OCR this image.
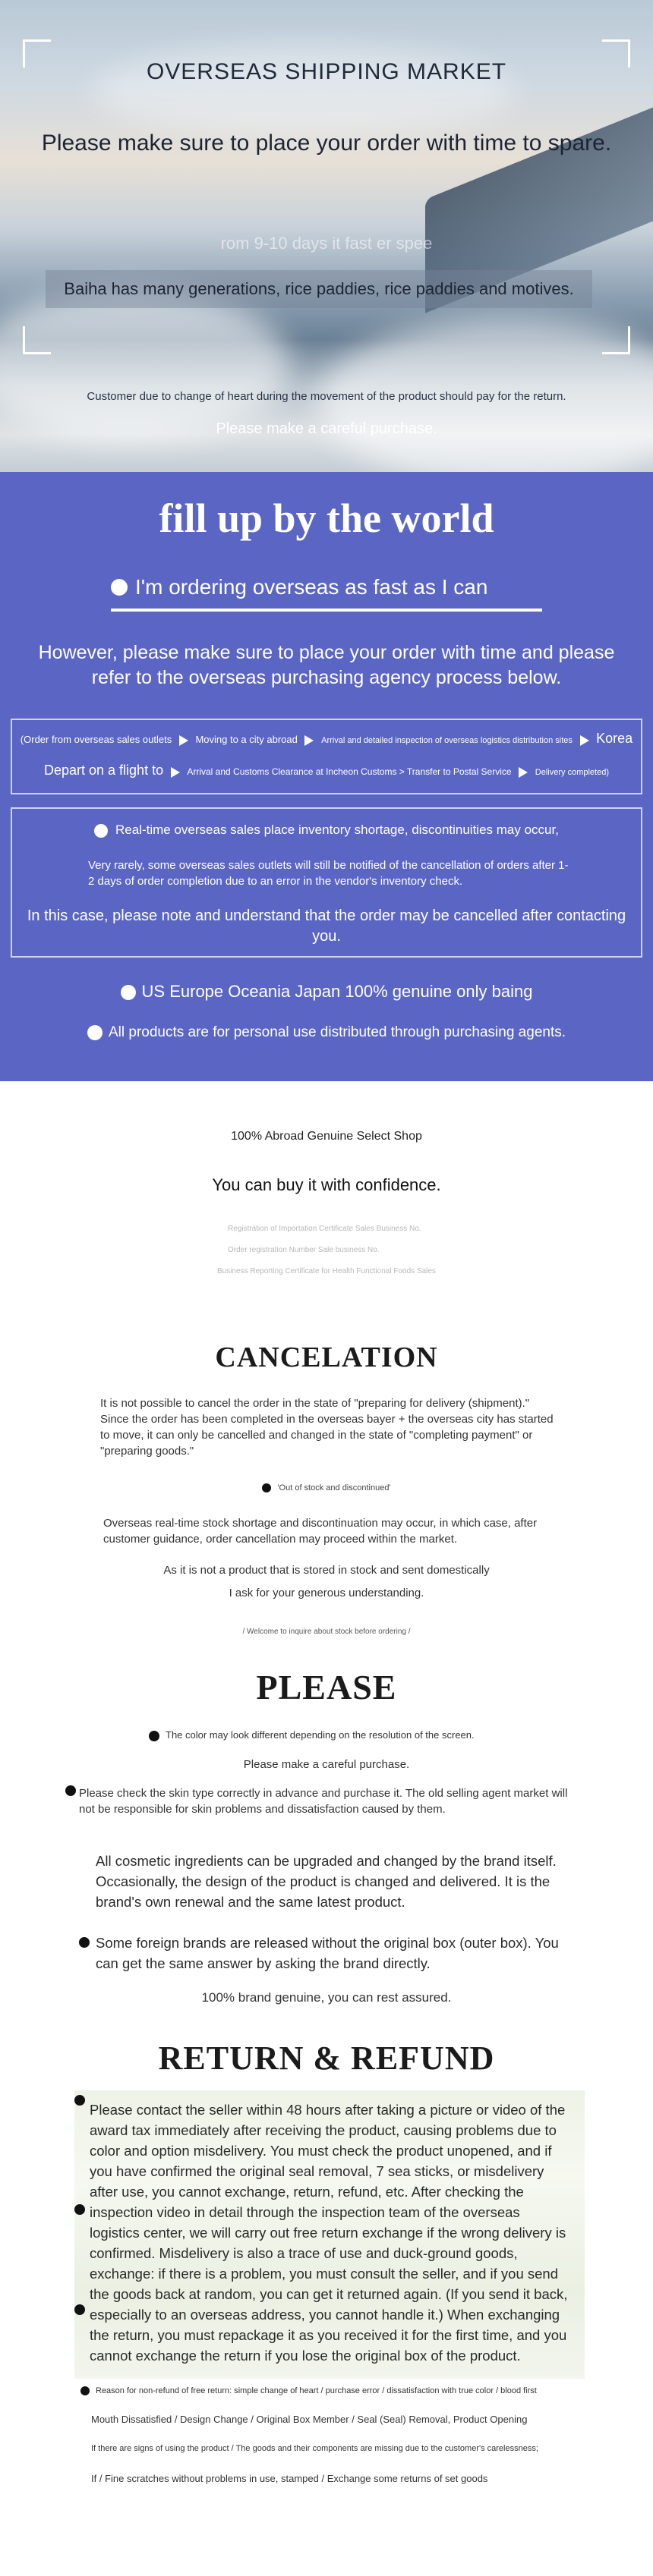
OVERSEAS SHIPPING MARKET
Please make sure to place your order with time to spare.
rom 9-10 days it fast er spee
Baiha has many generations, rice paddies, rice paddies and motives.
Customer due to change of heart during the movement of the product should pay for the return.
Please make a careful purchase.
fill up by the world
I'm ordering overseas as fast as I can
However, please make sure to place your order with time and please refer to the overseas purchasing agency process below.
(Order from overseas sales outlets Moving to a city abroad	Arrival and detailed inspection of overseas logistics distribution sites Korea
Depart on a flight to	Arrival and Customs Clearance at Incheon Customs > Transfer to Postal Service	Delivery completed)
Real-time overseas sales place inventory shortage, discontinuities may occur,
Very rarely, some overseas sales outlets will still be notified of the cancellation of orders after 1-2 days of order completion due to an error in the vendor's inventory check.
In this case, please note and understand that the order may be cancelled after contacting you.
US Europe Oceania Japan 100% genuine only baing
All products are for personal use distributed through purchasing agents.
100% Abroad Genuine Select Shop
You can buy it with confidence.
Registration of Importation Certificate Sales Business No.
Order registration Number Sale business No.
Business Reporting Certificate for Health Functional Foods Sales
CANCELATION
It is not possible to cancel the order in the state of "preparing for delivery (shipment)." Since the order has been completed in the overseas bayer + the overseas city has started to move, it can only be cancelled and changed in the state of "completing payment" or "preparing goods."
'Out of stock and discontinued'
Overseas real-time stock shortage and discontinuation may occur, in which case, after customer guidance, order cancellation may proceed within the market.
As it is not a product that is stored in stock and sent domestically
I ask for your generous understanding.
/ Welcome to inquire about stock before ordering /
PLEASE
The color may look different depending on the resolution of the screen.
Please make a careful purchase.
Please check the skin type correctly in advance and purchase it. The old selling agent market will not be responsible for skin problems and dissatisfaction caused by them.
All cosmetic ingredients can be upgraded and changed by the brand itself. Occasionally, the design of the product is changed and delivered. It is the brand's own renewal and the same latest product.
Some foreign brands are released without the original box (outer box). You can get the same answer by asking the brand directly.
100% brand genuine, you can rest assured.
RETURN & REFUND
Please contact the seller within 48 hours after taking a picture or video of the award tax immediately after receiving the product, causing problems due to color and option misdelivery. You must check the product unopened, and if you have confirmed the original seal removal, 7 sea sticks, or misdelivery after use, you cannot exchange, return, refund, etc. After checking the inspection video in detail through the inspection team of the overseas logistics center, we will carry out free return exchange if the wrong delivery is confirmed. Misdelivery is also a trace of use and duck-ground goods, exchange: if there is a problem, you must consult the seller, and if you send the goods back at random, you can get it returned again. (If you send it back, especially to an overseas address, you cannot handle it.) When exchanging the return, you must repackage it as you received it for the first time, and you cannot exchange the return if you lose the original box of the product.
Reason for non-refund of free return: simple change of heart / purchase error / dissatisfaction with true color / blood first
Mouth Dissatisfied / Design Change / Original Box Member / Seal (Seal) Removal, Product Opening
If there are signs of using the product / The goods and their components are missing due to the customer's carelessness;
If / Fine scratches without problems in use, stamped / Exchange some returns of set goods
